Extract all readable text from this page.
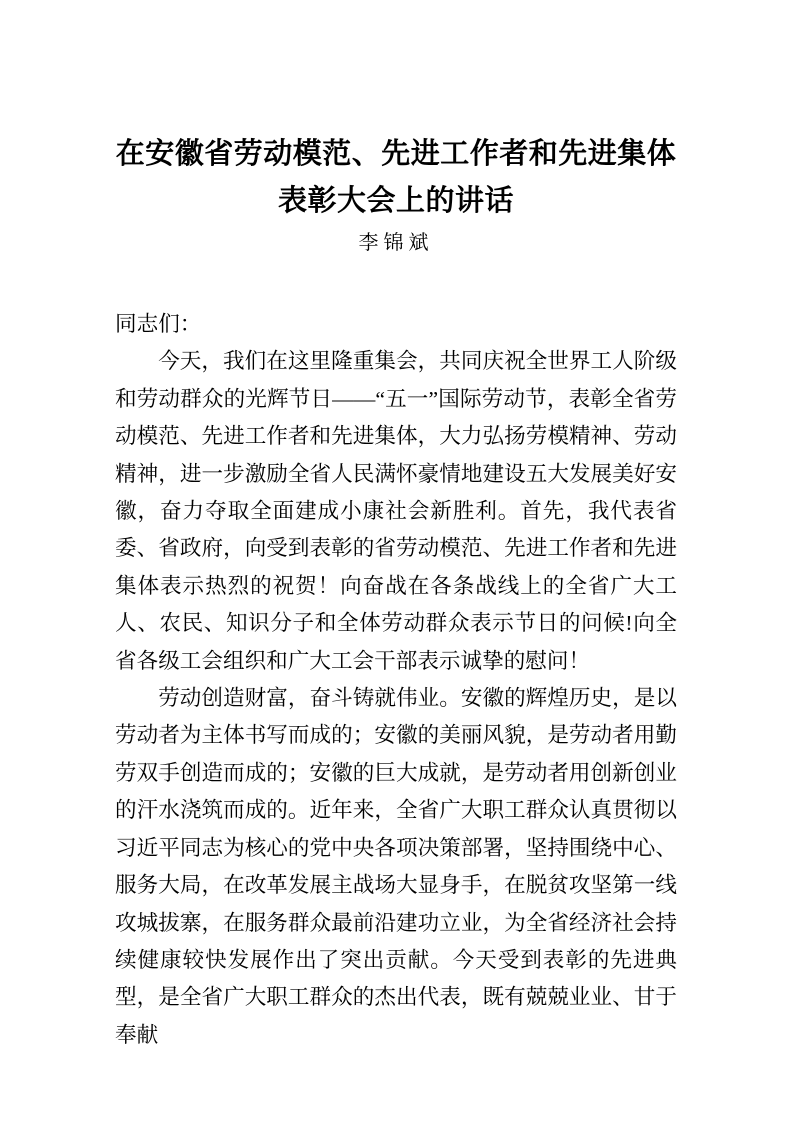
在安徽省劳动模范、先进工作者和先进集体
表彰大会上的讲话
李锦斌

同志们：

今天，我们在这里隆重集会，共同庆祝全世界工人阶级和劳动群众的光辉节日——“五一”国际劳动节，表彰全省劳动模范、先进工作者和先进集体，大力弘扬劳模精神、劳动精神，进一步激励全省人民满怀豪情地建设五大发展美好安徽，奋力夺取全面建成小康社会新胜利。首先，我代表省委、省政府，向受到表彰的省劳动模范、先进工作者和先进集体表示热烈的祝贺！向奋战在各条战线上的全省广大工人、农民、知识分子和全体劳动群众表示节日的问候!向全省各级工会组织和广大工会干部表示诚挚的慰问！

劳动创造财富，奋斗铸就伟业。安徽的辉煌历史，是以劳动者为主体书写而成的；安徽的美丽风貌，是劳动者用勤劳双手创造而成的；安徽的巨大成就，是劳动者用创新创业的汗水浇筑而成的。近年来，全省广大职工群众认真贯彻以习近平同志为核心的党中央各项决策部署，坚持围绕中心、服务大局，在改革发展主战场大显身手，在脱贫攻坚第一线攻城拔寨，在服务群众最前沿建功立业，为全省经济社会持续健康较快发展作出了突出贡献。今天受到表彰的先进典型，是全省广大职工群众的杰出代表，既有兢兢业业、甘于奉献
